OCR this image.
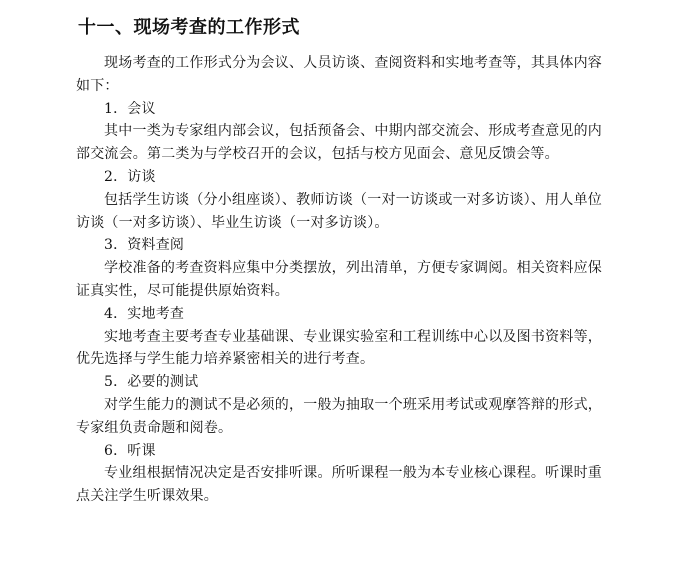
十一、现场考查的工作形式

现场考查的工作形式分为会议、人员访谈、查阅资料和实地考查等，其具体内容如下：

1．会议

其中一类为专家组内部会议，包括预备会、中期内部交流会、形成考查意见的内部交流会。第二类为与学校召开的会议，包括与校方见面会、意见反馈会等。

2．访谈

包括学生访谈（分小组座谈）、教师访谈（一对一访谈或一对多访谈）、用人单位访谈（一对多访谈）、毕业生访谈（一对多访谈）。

3．资料查阅

学校准备的考查资料应集中分类摆放，列出清单，方便专家调阅。相关资料应保证真实性，尽可能提供原始资料。

4．实地考查

实地考查主要考查专业基础课、专业课实验室和工程训练中心以及图书资料等，优先选择与学生能力培养紧密相关的进行考查。

5．必要的测试

对学生能力的测试不是必须的，一般为抽取一个班采用考试或观摩答辩的形式，专家组负责命题和阅卷。

6．听课

专业组根据情况决定是否安排听课。所听课程一般为本专业核心课程。听课时重点关注学生听课效果。
